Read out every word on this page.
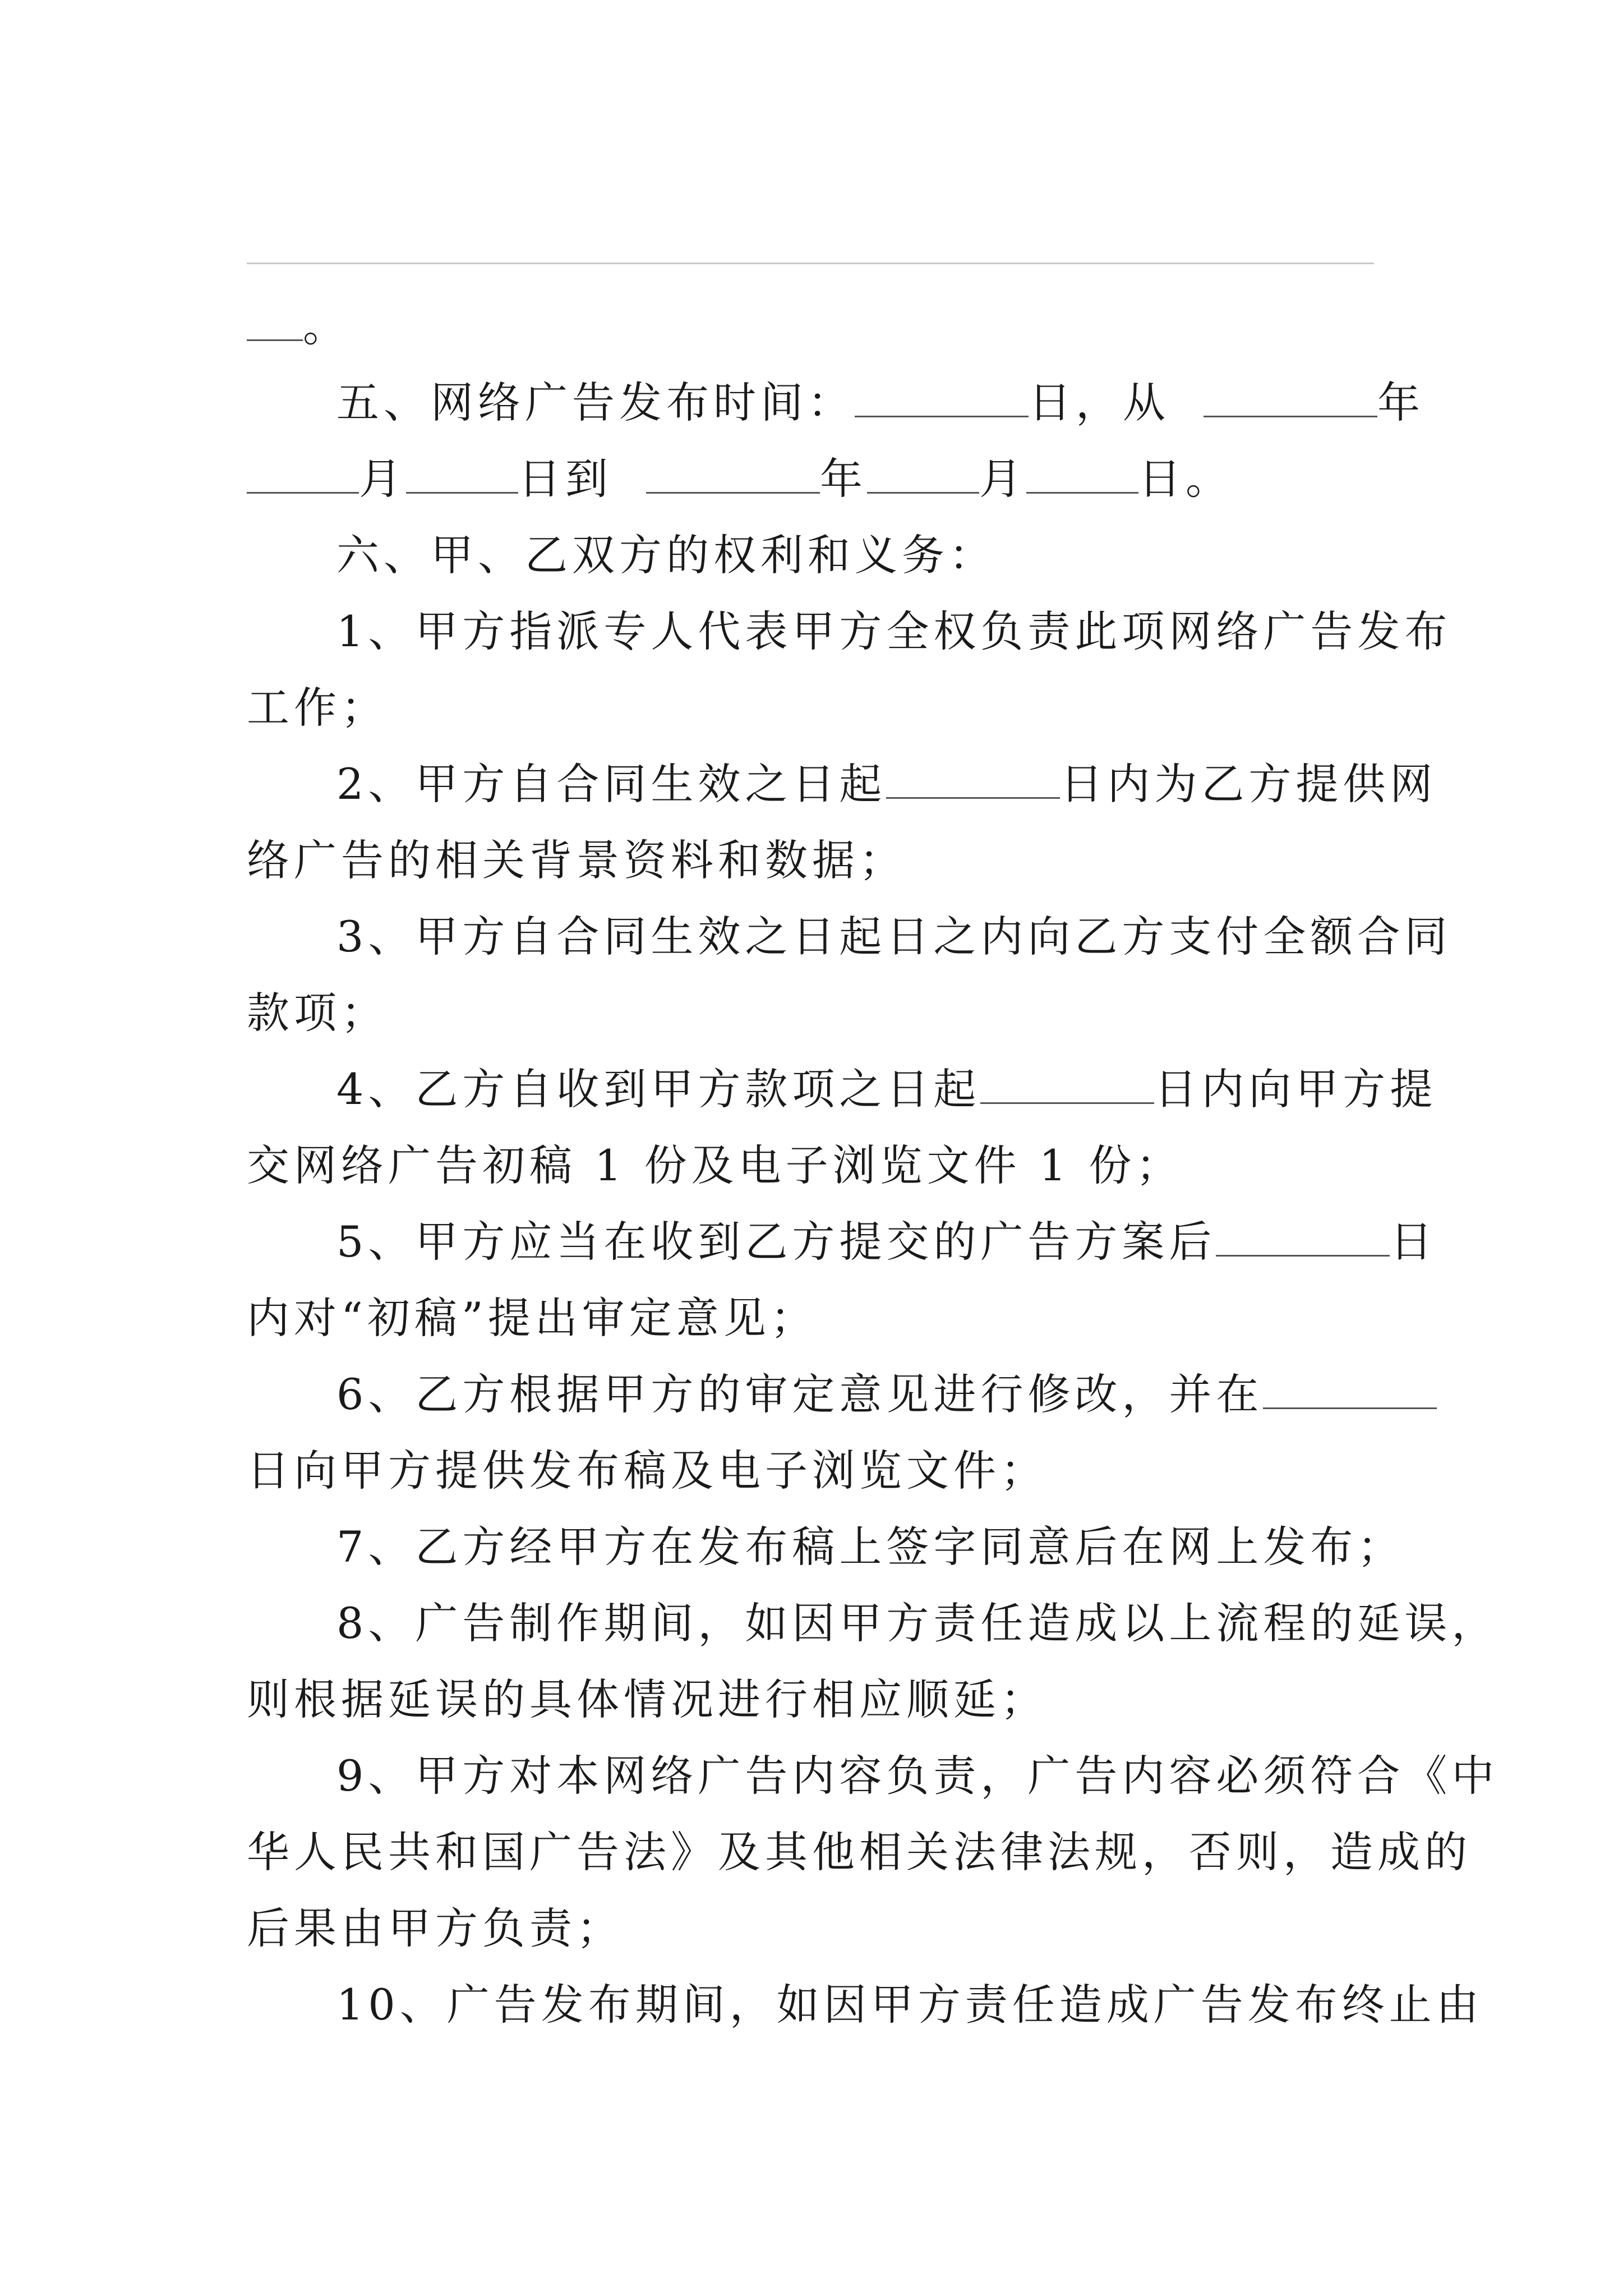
。
五、网络广告发布时间：	日，从	年
月	日到	年	月	日。
六、甲、乙双方的权利和义务：
1、甲方指派专人代表甲方全权负责此项网络广告发布
工作；
2、甲方自合同生效之日起	日内为乙方提供网
络广告的相关背景资料和数据；
3、甲方自合同生效之日起日之内向乙方支付全额合同
款项；
4、乙方自收到甲方款项之日起	日内向甲方提
交网络广告初稿 1 份及电子浏览文件 1 份；
5、甲方应当在收到乙方提交的广告方案后	日
内对“初稿”提出审定意见；
6、乙方根据甲方的审定意见进行修改，并在
日向甲方提供发布稿及电子浏览文件；
7、乙方经甲方在发布稿上签字同意后在网上发布；
8、广告制作期间，如因甲方责任造成以上流程的延误，
则根据延误的具体情况进行相应顺延；
9、甲方对本网络广告内容负责，广告内容必须符合《中
华人民共和国广告法》及其他相关法律法规，否则，造成的
后果由甲方负责；
10、广告发布期间，如因甲方责任造成广告发布终止由
